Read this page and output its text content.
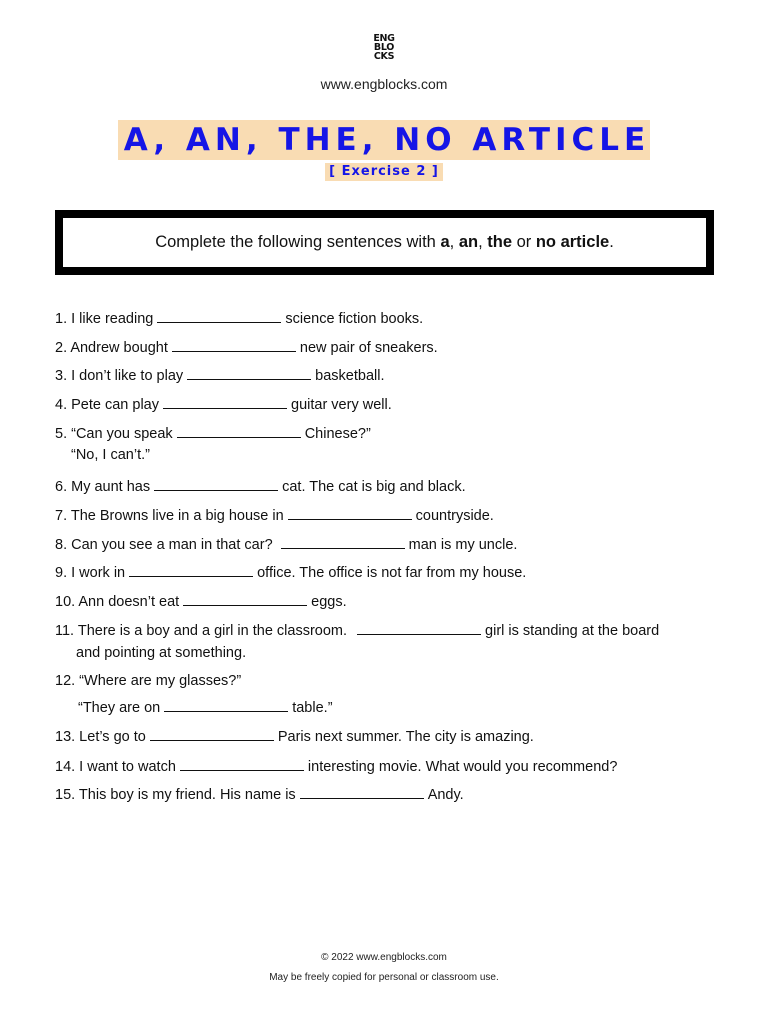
ENG
BLO
CKS
www.engblocks.com
A, AN, THE, NO ARTICLE
[ Exercise 2 ]
Complete the following sentences with a, an, the or no article.
1. I like reading	science fiction books.
2. Andrew bought	new pair of sneakers.
3. I don’t like to play	basketball.
4. Pete can play	guitar very well.
5. “Can you speak	Chinese?”
“No, I can’t.”
6. My aunt has	cat. The cat is big and black.
7. The Browns live in a big house in	countryside.
8. Can you see a man in that car?	man is my uncle.
9. I work in	office. The office is not far from my house.
10. Ann doesn’t eat	eggs.
11. There is a boy and a girl in the classroom.	girl is standing at the board
and pointing at something.
12. “Where are my glasses?”
“They are on	table.”
13. Let’s go to	Paris next summer. The city is amazing.
14. I want to watch	interesting movie. What would you recommend?
15. This boy is my friend. His name is	Andy.
© 2022 www.engblocks.com
May be freely copied for personal or classroom use.
